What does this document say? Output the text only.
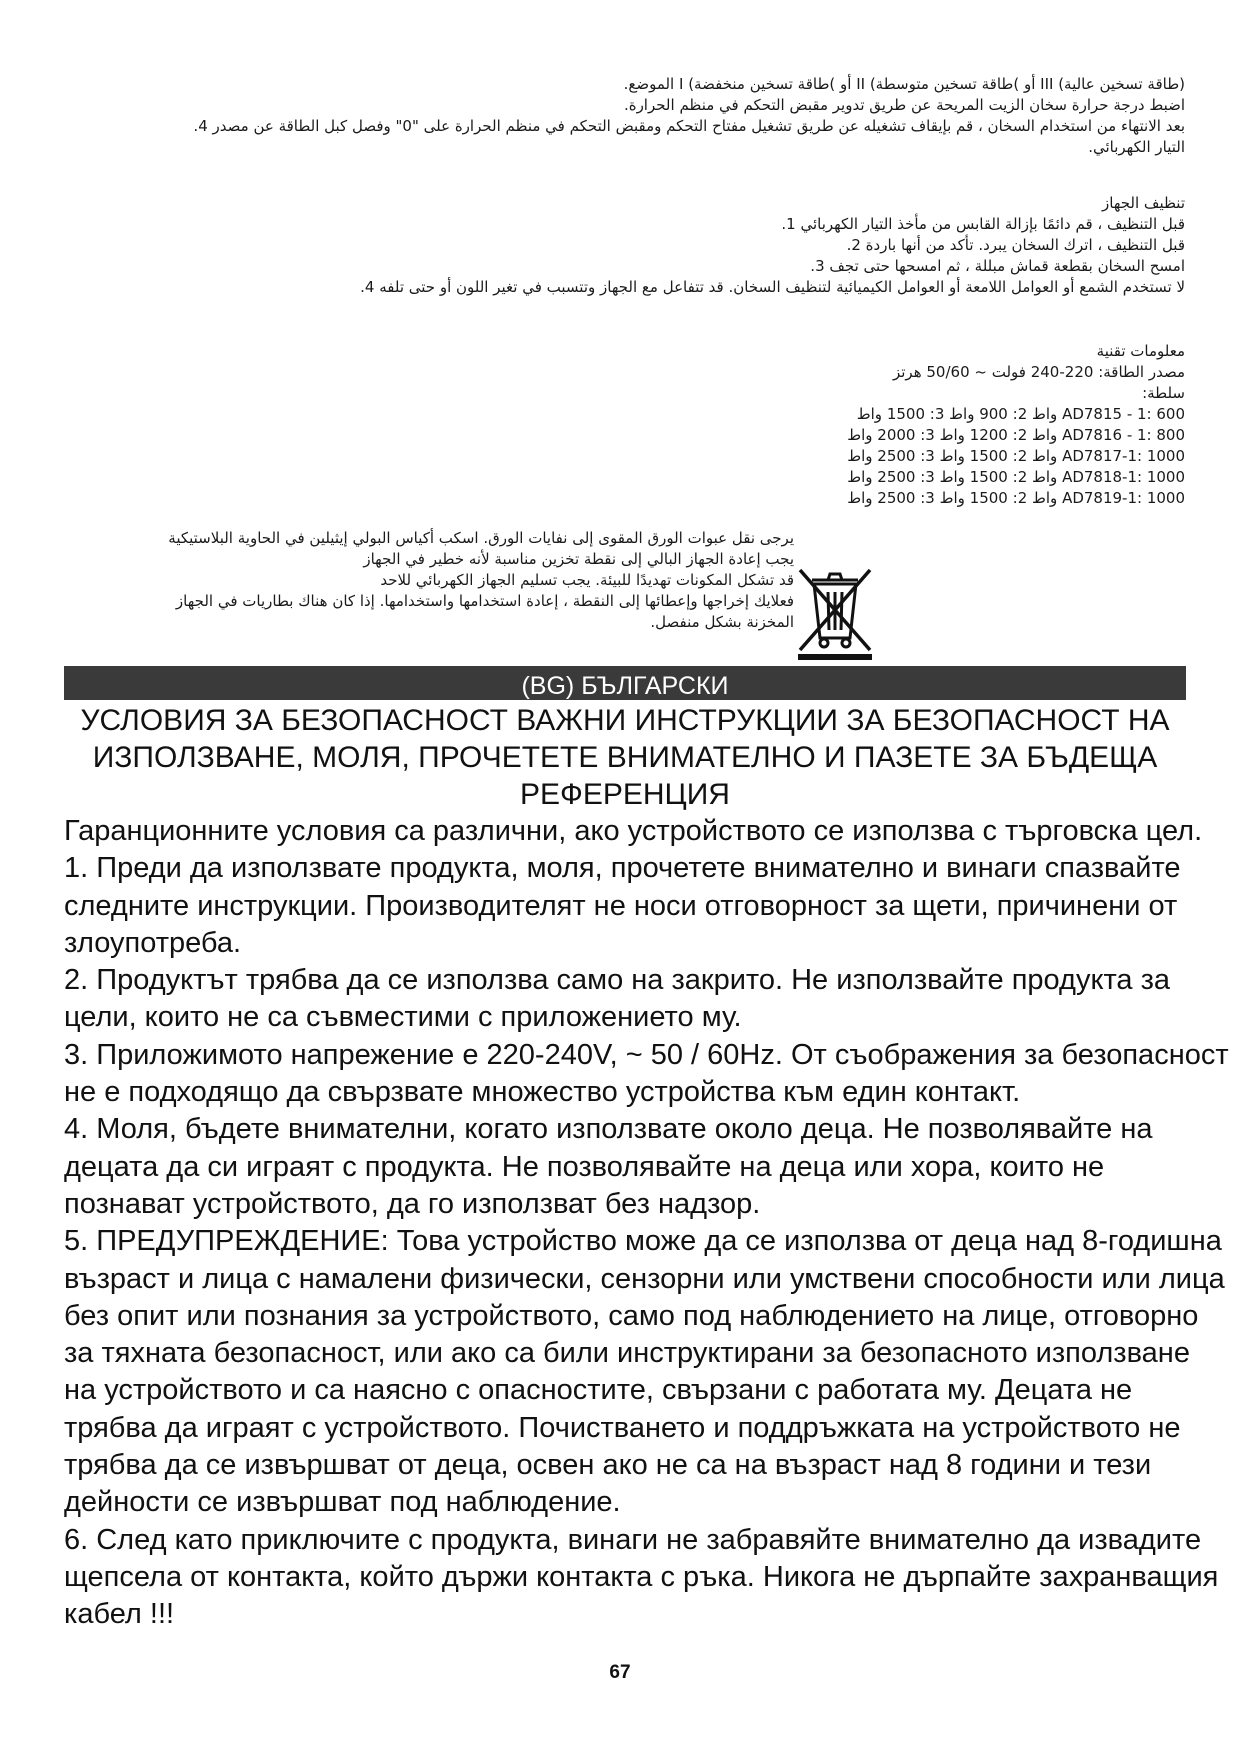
(طاقة تسخين عالية) III أو )طاقة تسخين متوسطة) II أو )طاقة تسخين منخفضة) I الموضع.
اضبط درجة حرارة سخان الزيت المريحة عن طريق تدوير مقبض التحكم في منظم الحرارة.
بعد الانتهاء من استخدام السخان ، قم بإيقاف تشغيله عن طريق تشغيل مفتاح التحكم ومقبض التحكم في منظم الحرارة على "0" وفصل كبل الطاقة عن مصدر 4.
التيار الكهربائي.
تنظيف الجهاز
قبل التنظيف ، قم دائمًا بإزالة القابس من مأخذ التيار الكهربائي 1.
قبل التنظيف ، اترك السخان يبرد. تأكد من أنها باردة 2.
امسح السخان بقطعة قماش مبللة ، ثم امسحها حتى تجف 3.
لا تستخدم الشمع أو العوامل اللامعة أو العوامل الكيميائية لتنظيف السخان. قد تتفاعل مع الجهاز وتتسبب في تغير اللون أو حتى تلفه 4.
معلومات تقنية
مصدر الطاقة: 220-240 فولت ~ 50/60 هرتز
سلطة:
AD7815 - 1: 600 واط 2: 900 واط 3: 1500 واط
AD7816 - 1: 800 واط 2: 1200 واط 3: 2000 واط
AD7817-1: 1000 واط 2: 1500 واط 3: 2500 واط
AD7818-1: 1000 واط 2: 1500 واط 3: 2500 واط
AD7819-1: 1000 واط 2: 1500 واط 3: 2500 واط
يرجى نقل عبوات الورق المقوى إلى نفايات الورق. اسكب أكياس البولي إيثيلين في الحاوية البلاستيكية
يجب إعادة الجهاز البالي إلى نقطة تخزين مناسبة لأنه خطير في الجهاز
قد تشكل المكونات تهديدًا للبيئة. يجب تسليم الجهاز الكهربائي للاحد
فعلايك إخراجها وإعطائها إلى النقطة ، إعادة استخدامها واستخدامها. إذا كان هناك بطاريات في الجهاز
المخزنة بشكل منفصل.
(BG) БЪЛГАРСКИ
УСЛОВИЯ ЗА БЕЗОПАСНОСТ ВАЖНИ ИНСТРУКЦИИ ЗА БЕЗОПАСНОСТ НА
ИЗПОЛЗВАНЕ, МОЛЯ, ПРОЧЕТЕТЕ ВНИМАТЕЛНО И ПАЗЕТЕ ЗА БЪДЕЩА
РЕФЕРЕНЦИЯ
Гаранционните условия са различни, ако устройството се използва с търговска цел.
1. Преди да използвате продукта, моля, прочетете внимателно и винаги спазвайте
следните инструкции. Производителят не носи отговорност за щети, причинени от
злоупотреба.
2. Продуктът трябва да се използва само на закрито. Не използвайте продукта за
цели, които не са съвместими с приложението му.
3. Приложимото напрежение е 220-240V, ~ 50 / 60Hz. От съображения за безопасност
не е подходящо да свързвате множество устройства към един контакт.
4. Моля, бъдете внимателни, когато използвате около деца. Не позволявайте на
децата да си играят с продукта. Не позволявайте на деца или хора, които не
познават устройството, да го използват без надзор.
5. ПРЕДУПРЕЖДЕНИЕ: Това устройство може да се използва от деца над 8-годишна
възраст и лица с намалени физически, сензорни или умствени способности или лица
без опит или познания за устройството, само под наблюдението на лице, отговорно
за тяхната безопасност, или ако са били инструктирани за безопасното използване
на устройството и са наясно с опасностите, свързани с работата му. Децата не
трябва да играят с устройството. Почистването и поддръжката на устройството не
трябва да се извършват от деца, освен ако не са на възраст над 8 години и тези
дейности се извършват под наблюдение.
6. След като приключите с продукта, винаги не забравяйте внимателно да извадите
щепсела от контакта, който държи контакта с ръка. Никога не дърпайте захранващия
кабел !!!
67
